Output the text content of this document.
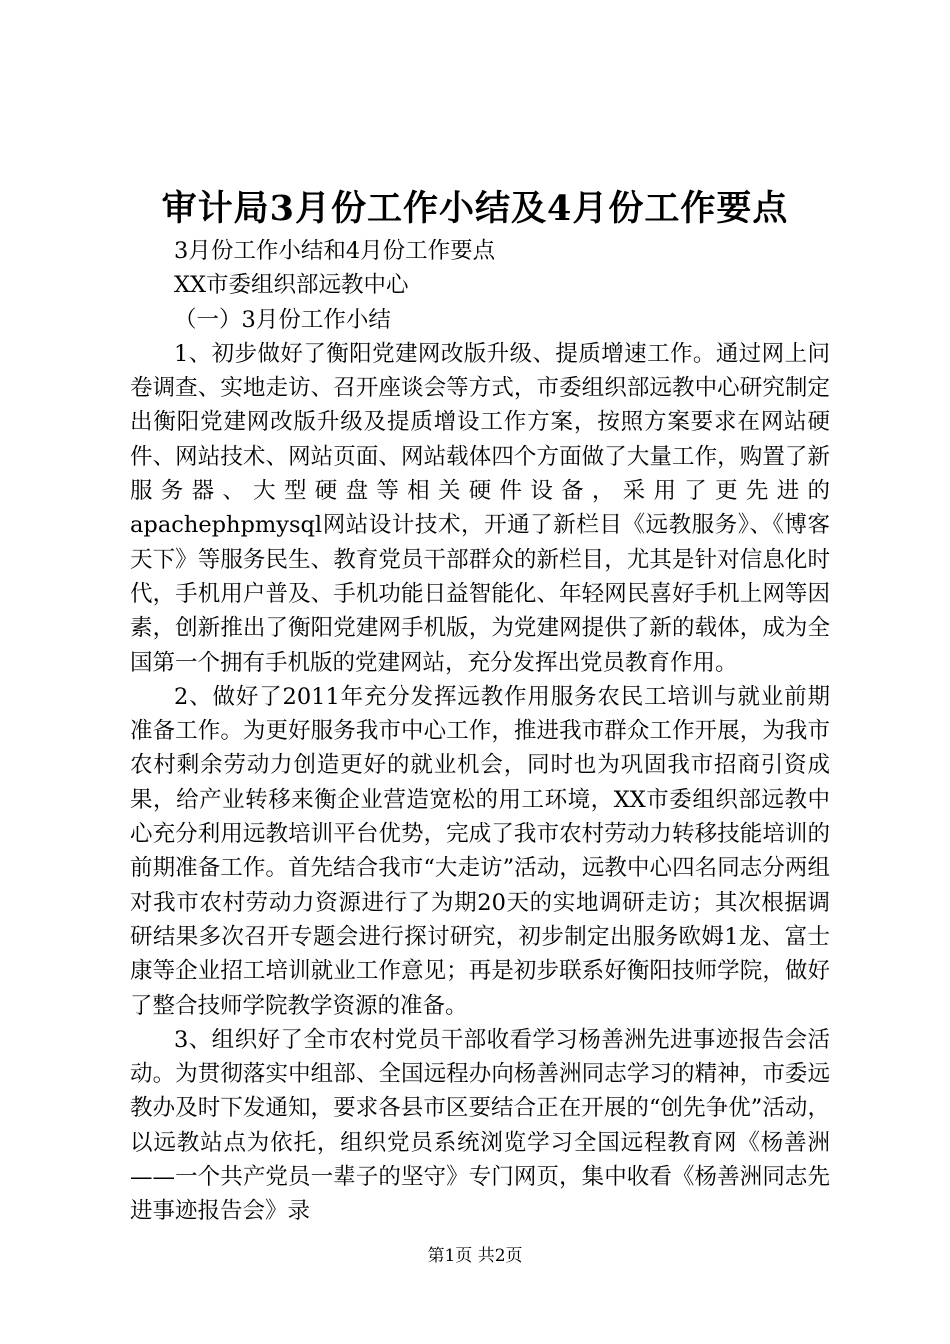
审计局3月份工作小结及4月份工作要点

3月份工作小结和4月份工作要点

XX市委组织部远教中心

（一）3月份工作小结

1、初步做好了衡阳党建网改版升级、提质增速工作。通过网上问卷调查、实地走访、召开座谈会等方式，市委组织部远教中心研究制定出衡阳党建网改版升级及提质增设工作方案，按照方案要求在网站硬件、网站技术、网站页面、网站载体四个方面做了大量工作，购置了新服务器、大型硬盘等相关硬件设备，采用了更先进的apachephpmysql网站设计技术，开通了新栏目《远教服务》、《博客天下》等服务民生、教育党员干部群众的新栏目，尤其是针对信息化时代，手机用户普及、手机功能日益智能化、年轻网民喜好手机上网等因素，创新推出了衡阳党建网手机版，为党建网提供了新的载体，成为全国第一个拥有手机版的党建网站，充分发挥出党员教育作用。

2、做好了2011年充分发挥远教作用服务农民工培训与就业前期准备工作。为更好服务我市中心工作，推进我市群众工作开展，为我市农村剩余劳动力创造更好的就业机会，同时也为巩固我市招商引资成果，给产业转移来衡企业营造宽松的用工环境，XX市委组织部远教中心充分利用远教培训平台优势，完成了我市农村劳动力转移技能培训的前期准备工作。首先结合我市“大走访”活动，远教中心四名同志分两组对我市农村劳动力资源进行了为期20天的实地调研走访；其次根据调研结果多次召开专题会进行探讨研究，初步制定出服务欧姆1龙、富士康等企业招工培训就业工作意见；再是初步联系好衡阳技师学院，做好了整合技师学院教学资源的准备。

3、组织好了全市农村党员干部收看学习杨善洲先进事迹报告会活动。为贯彻落实中组部、全国远程办向杨善洲同志学习的精神，市委远教办及时下发通知，要求各县市区要结合正在开展的“创先争优”活动，以远教站点为依托，组织党员系统浏览学习全国远程教育网《杨善洲——一个共产党员一辈子的坚守》专门网页，集中收看《杨善洲同志先进事迹报告会》录

第1页 共2页
